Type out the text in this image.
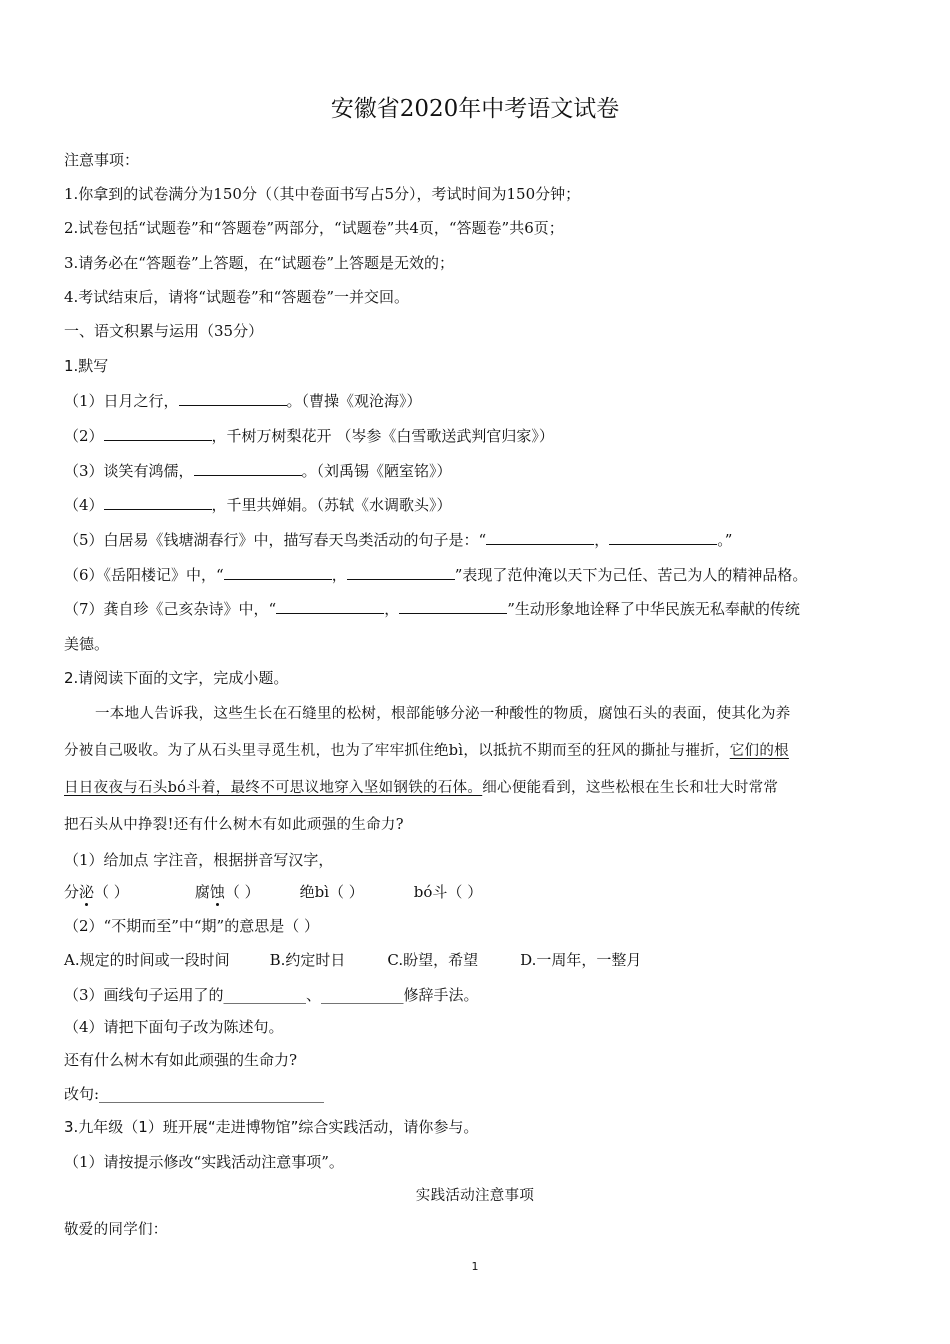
安徽省2020年中考语文试卷
注意事项：
1.你拿到的试卷满分为150分（（其中卷面书写占5分），考试时间为150分钟；
2.试卷包括“试题卷”和“答题卷”两部分，“试题卷”共4页，“答题卷”共6页；
3.请务必在“答题卷”上答题，在“试题卷”上答题是无效的；
4.考试结束后，请将“试题卷”和“答题卷”一并交回。
一、语文积累与运用（35分）
1.默写
（1）日月之行，	。（曹操《观沧海》）
（2）	，千树万树梨花开 （岑参《白雪歌送武判官归家》）
（3）谈笑有鸿儒，	。（刘禹锡《陋室铭》）
（4）	，千里共婵娟。（苏轼《水调歌头》）
（5）白居易《钱塘湖春行》中，描写春天鸟类活动的句子是：“	，	。”
（6）《岳阳楼记》中，“	，	”表现了范仲淹以天下为己任、苦己为人的精神品格。
（7）龚自珍《己亥杂诗》中，“	，	”生动形象地诠释了中华民族无私奉献的传统
美德。
2.请阅读下面的文字，完成小题。
一本地人告诉我，这些生长在石缝里的松树，根部能够分泌一种酸性的物质，腐蚀石头的表面，使其化为养
分被自己吸收。为了从石头里寻觅生机，也为了牢牢抓住绝bì，以抵抗不期而至的狂风的撕扯与摧折，它们的根
日日夜夜与石头bó斗着，最终不可思议地穿入坚如钢铁的石体。细心便能看到，这些松根在生长和壮大时常常
把石头从中挣裂!还有什么树木有如此顽强的生命力?
（1）给加点 字注音，根据拼音写汉字，
分泌（ ）	腐蚀（ ）	绝bì（ ）	bó斗（ ）
（2）“不期而至”中“期”的意思是（ ）
A.规定的时间或一段时间	B.约定时日	C.盼望，希望	D.一周年，一整月
（3）画线句子运用了的___________、___________修辞手法。
（4）请把下面句子改为陈述句。
还有什么树木有如此顽强的生命力?
改句:______________________________
3.九年级（1）班开展“走进博物馆”综合实践活动，请你参与。
（1）请按提示修改“实践活动注意事项”。
实践活动注意事项
敬爱的同学们：
1
